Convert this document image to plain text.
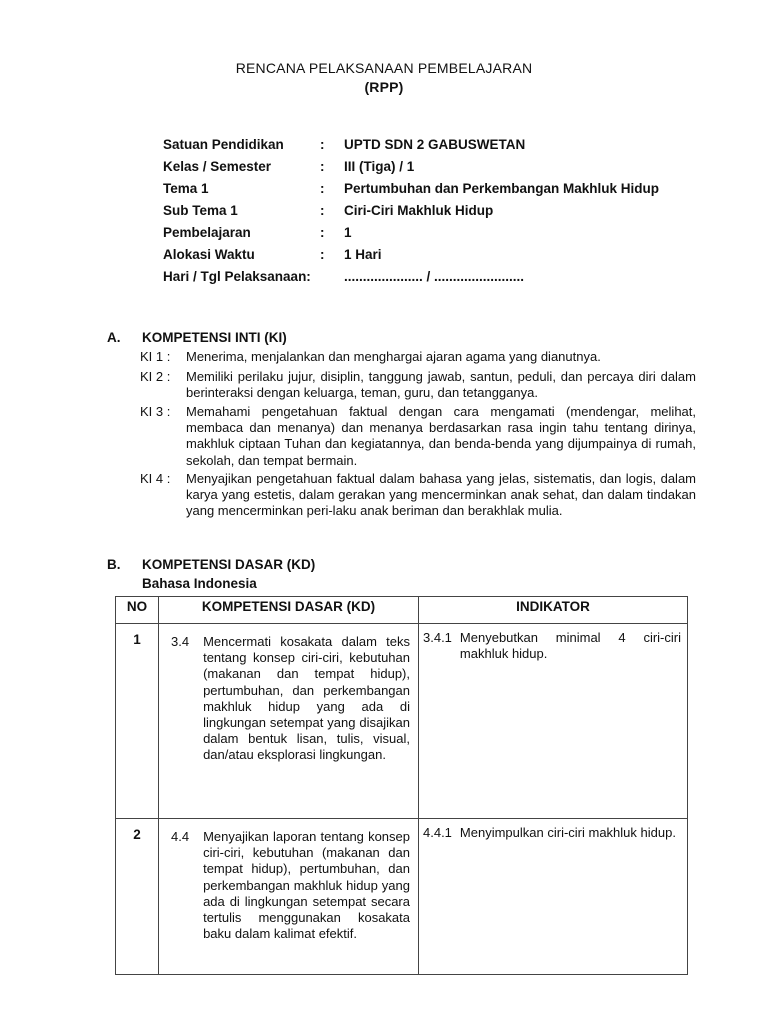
RENCANA PELAKSANAAN PEMBELAJARAN
(RPP)
Satuan Pendidikan	: UPTD SDN 2 GABUSWETAN
Kelas / Semester	: III (Tiga) / 1
Tema 1	: Pertumbuhan dan Perkembangan Makhluk Hidup
Sub Tema 1	: Ciri-Ciri Makhluk Hidup
Pembelajaran	: 1
Alokasi Waktu	: 1 Hari
Hari / Tgl Pelaksanaan: ..................... / ........................
A. KOMPETENSI INTI (KI)
KI 1 : Menerima, menjalankan dan menghargai ajaran agama yang dianutnya.
KI 2 : Memiliki perilaku jujur, disiplin, tanggung jawab, santun, peduli, dan percaya diri dalam berinteraksi dengan keluarga, teman, guru, dan tetangganya.
KI 3 : Memahami pengetahuan faktual dengan cara mengamati (mendengar, melihat, membaca dan menanya) dan menanya berdasarkan rasa ingin tahu tentang dirinya, makhluk ciptaan Tuhan dan kegiatannya, dan benda-benda yang dijumpainya di rumah, sekolah, dan tempat bermain.
KI 4 : Menyajikan pengetahuan faktual dalam bahasa yang jelas, sistematis, dan logis, dalam karya yang estetis, dalam gerakan yang mencerminkan anak sehat, dan dalam tindakan yang mencerminkan peri-laku anak beriman dan berakhlak mulia.
B. KOMPETENSI DASAR (KD)
Bahasa Indonesia
NO	KOMPETENSI DASAR (KD)	INDIKATOR
1	3.4 Mencermati kosakata dalam teks tentang konsep ciri-ciri, kebutuhan (makanan dan tempat hidup), pertumbuhan, dan perkembangan makhluk hidup yang ada di lingkungan setempat yang disajikan dalam bentuk lisan, tulis, visual, dan/atau eksplorasi lingkungan.	3.4.1 Menyebutkan minimal 4 ciri-ciri makhluk hidup.

2	4.4 Menyajikan laporan tentang konsep ciri-ciri, kebutuhan (makanan dan tempat hidup), pertumbuhan, dan perkembangan makhluk hidup yang ada di lingkungan setempat secara tertulis menggunakan kosakata baku dalam kalimat efektif.	4.4.1 Menyimpulkan ciri-ciri makhluk hidup.
